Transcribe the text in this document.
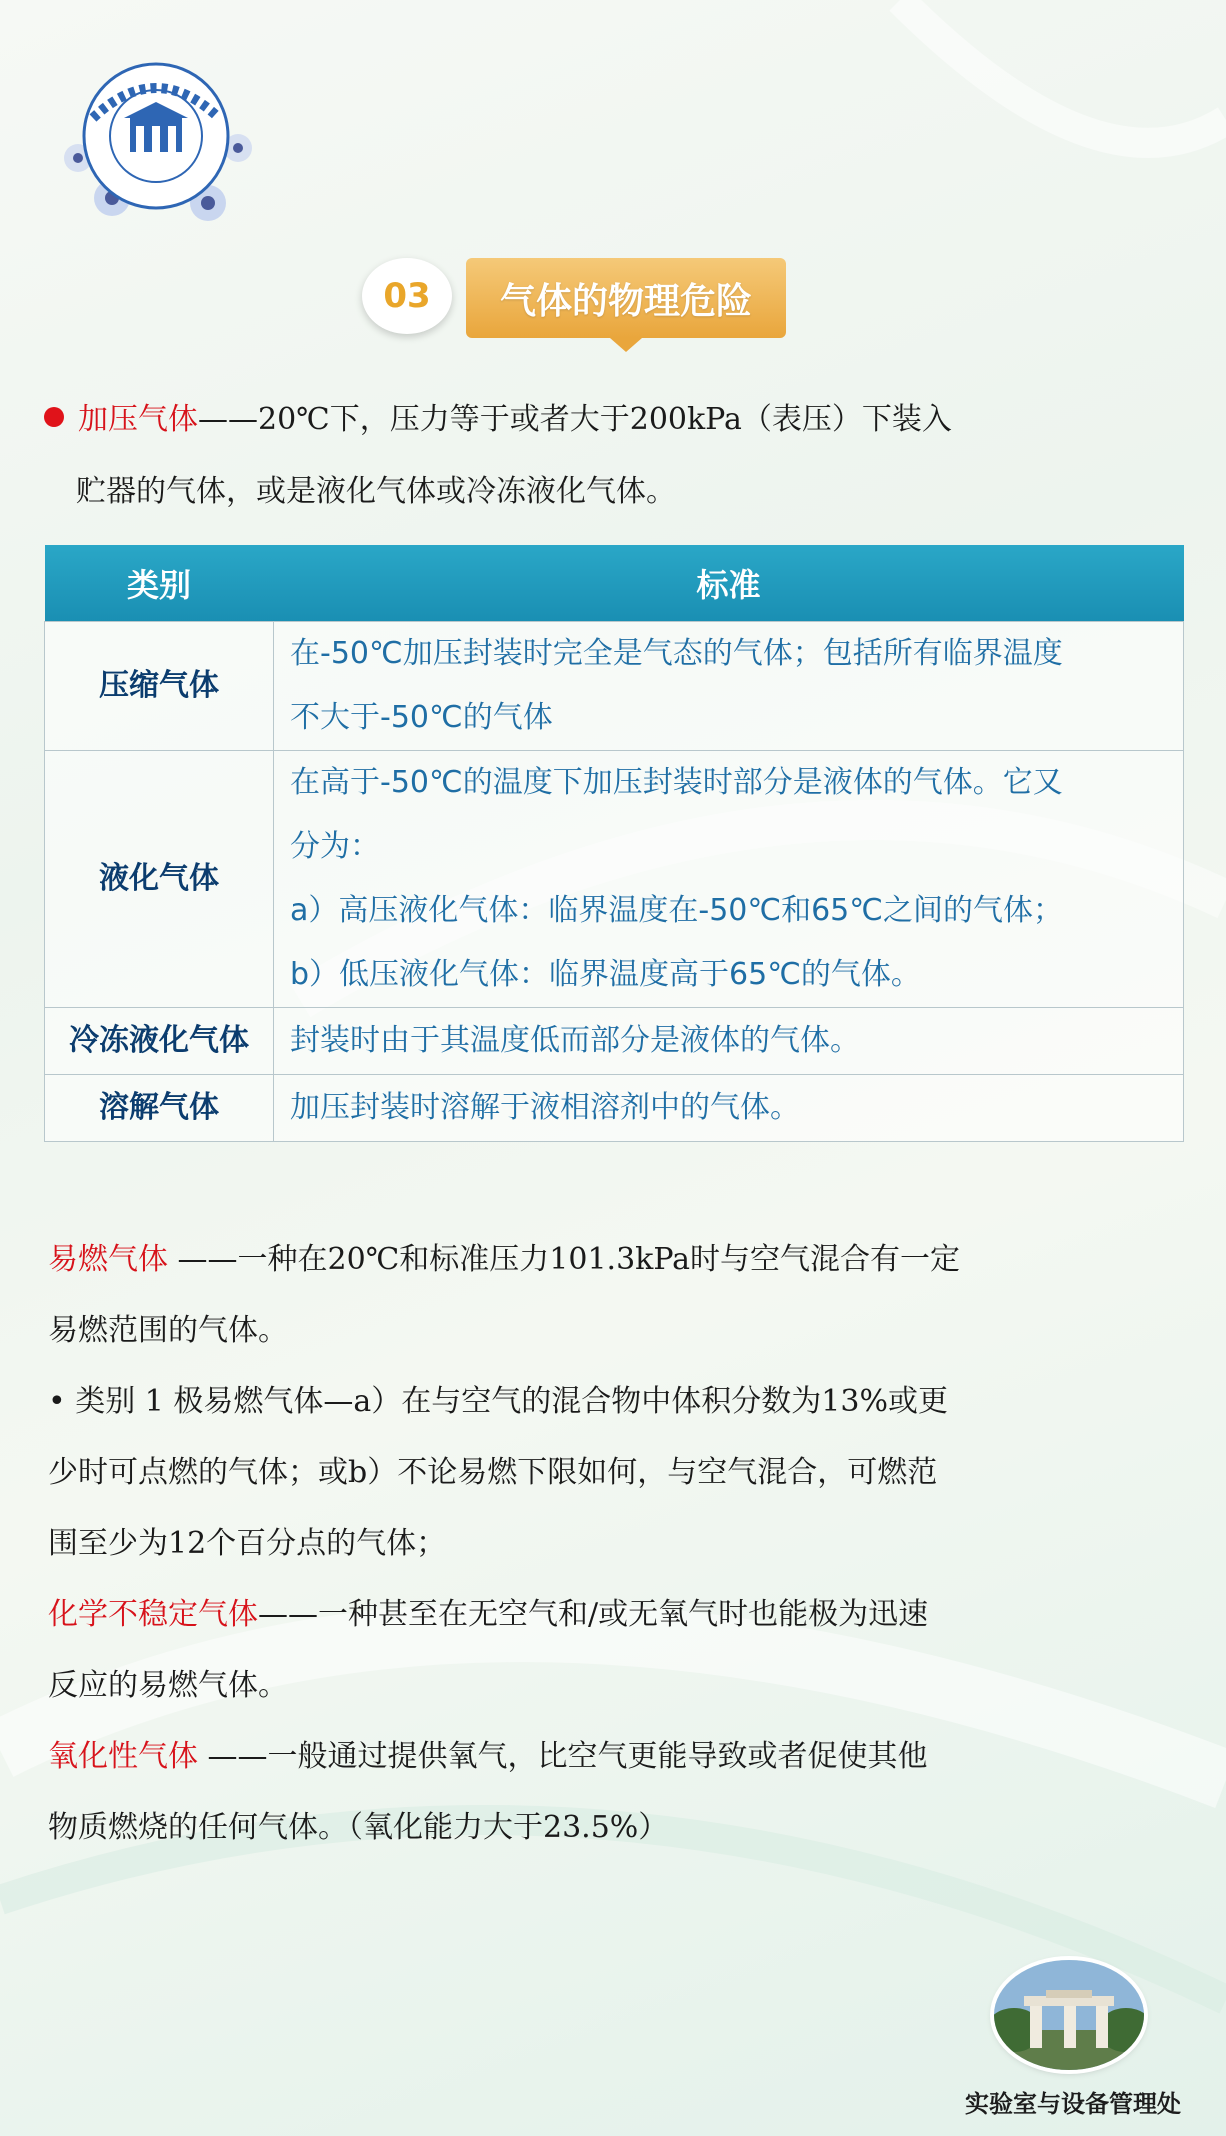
03	气体的物理危险
加压气体——20℃下，压力等于或者大于200kPa（表压）下装入
贮器的气体，或是液化气体或冷冻液化气体。
类别	标准
压缩气体	在-50℃加压封装时完全是气态的气体；包括所有临界温度
不大于-50℃的气体

液化气体	在高于-50℃的温度下加压封装时部分是液体的气体。它又
分为：
a）高压液化气体：临界温度在-50℃和65℃之间的气体；
b）低压液化气体：临界温度高于65℃的气体。

冷冻液化气体	封装时由于其温度低而部分是液体的气体。

溶解气体	加压封装时溶解于液相溶剂中的气体。
易燃气体 ——一种在20℃和标准压力101.3kPa时与空气混合有一定
易燃范围的气体。
• 类别 1 极易燃气体—a）在与空气的混合物中体积分数为13%或更
少时可点燃的气体；或b）不论易燃下限如何，与空气混合，可燃范
围至少为12个百分点的气体；
化学不稳定气体——一种甚至在无空气和/或无氧气时也能极为迅速
反应的易燃气体。
氧化性气体 ——一般通过提供氧气，比空气更能导致或者促使其他
物质燃烧的任何气体。（氧化能力大于23.5%）
实验室与设备管理处
